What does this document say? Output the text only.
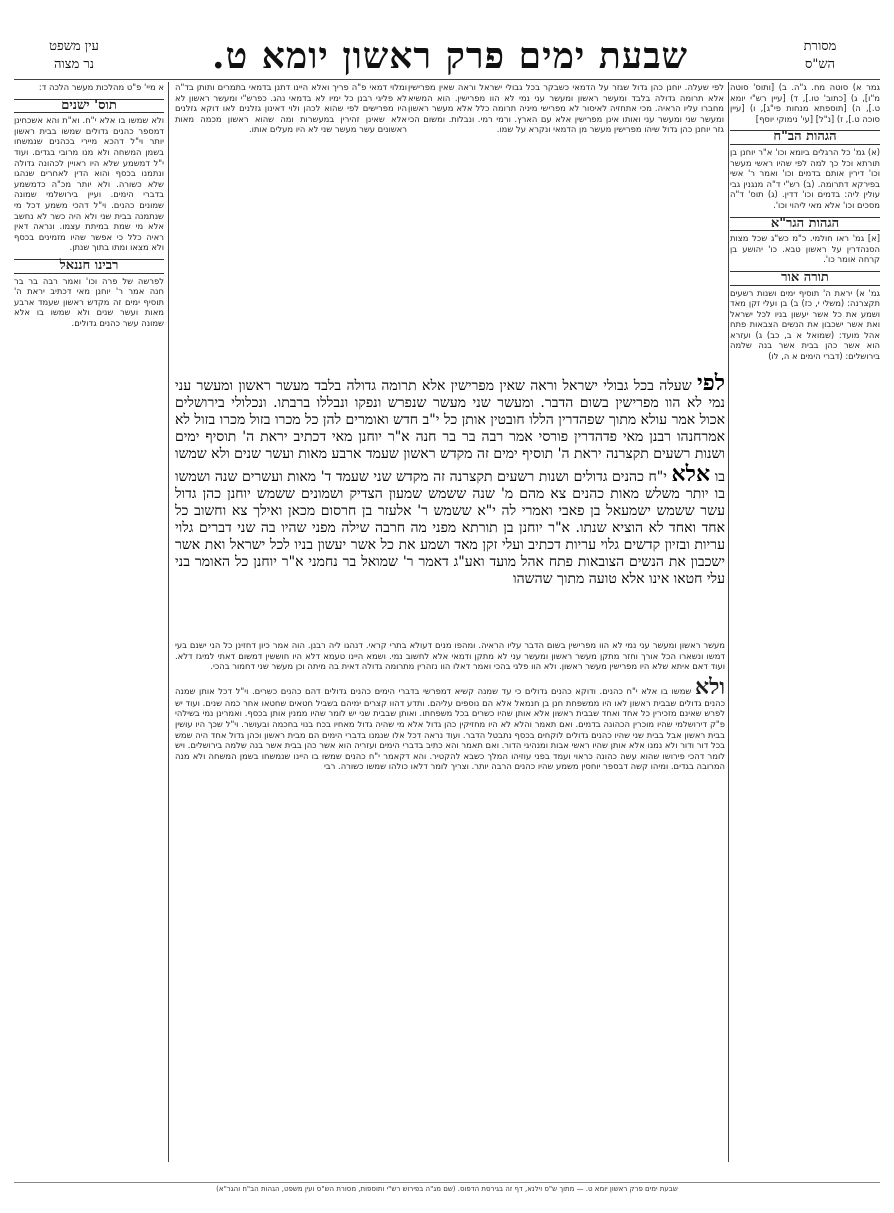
שבעת ימים פרק ראשון יומא ט.	מסורת
הש"ס
עין משפט
נר מצוה
גמר א) סוטה מח. ג"ה. ב) [ותוס' סוטה מ"ו], ג) [כתוב' טו.], ד) [עיין רש"י יומא ט.], ה) [תוספתא מנחות פי"ג], ו) [עיין סוכה ט.], ז) [נ"ל] [עי' נימוקי יוסף]
הגהות הב"ח
(א) גמ' כל הרגלים ביומא וכו' א"ר יוחנן בן תורתא וכל כך למה לפי שהיו ראשי מעשר וכו' דירין אותם בדמים וכו' ואמר ר' אשי בפירקא דתרומה. (ב) רש"י ד"ה מנגנין גבי עולין ליה: בדמים וכו' דדין. (ג) תוס' ד"ה מסכים וכו' אלא מאי ליהוי וכו'.
הגהות הגר"א
[א] גמ' ראו חולמי. כ"מ כש"ג שכל מצות הסנהדרין על ראשון טבא. כו' יהושע בן קרחה אומר כו'.
תורה אור
גמ' א) יראת ה' תוסיף ימים ושנות רשעים תקצרנה: (משלי י, כז) ב) בן ועלי זקן מאד ושמע את כל אשר יעשון בניו לכל ישראל ואת אשר ישכבון את הנשים הצבאות פתח אהל מועד: (שמואל א ב, כב) ג) ועזרא הוא אשר כהן בבית אשר בנה שלמה בירושלים: (דברי הימים א ה, לו)
א מיי' פ"ט מהלכות מעשר הלכה ד:
תוס' ישנים
ולא שמשו בו אלא י"ח. וא"ת והא אשכחינן דמספר כהנים גדולים שמשו בבית ראשון יותר וי"ל דהכא מיירי בכהנים שנמשחו בשמן המשחה ולא מנו מרובי בגדים. ועוד י"ל דמשמע שלא היו ראויין לכהונה גדולה ונתמנו בכסף והוא הדין לאחרים שנהגו שלא כשורה. ולא יותר מכ"ה כדמשמע בדברי הימים. ועיין בירושלמי שמונה שמונים כהנים. וי"ל דהכי משמע דכל מי שנתמנה בבית שני ולא היה כשר לא נחשב אלא מי שמת במיתת עצמו. ונראה דאין ראיה כלל כי אפשר שהיו מזמינים בכסף ולא מצאו ומתו בתוך שנתן.
רבינו חננאל
לפרשה של פרה וכו' ואמר רבה בר בר חנה אמר ר' יוחנן מאי דכתיב יראת ה' תוסיף ימים זה מקדש ראשון שעמד ארבע מאות ועשר שנים ולא שמשו בו אלא שמונה עשר כהנים גדולים.
לפי שעלה. יוחנן כהן גדול שגזר על הדמאי כשבקר בכל גבולי ישראל וראה שאין מפרישין אלא תרומה גדולה בלבד ומעשר ראשון ומעשר עני נמי לא הוו מפרישין. הוא המשיא מחברו עליו הראיה. מכי אתחזיה לאיסור לא מפרישי מיניה תרומה כלל אלא מעשר ראשון ומעשר שני ומעשר עני ואותו אינן מפרישין אלא עם הארץ. ורמי רמי. ונבלות. ומשום הכי גזר יוחנן כהן גדול שיהו מפרישין מעשר מן הדמאי ונקרא על שמו.
ומלוי דמאי פ"ה פריך ואלא היינו דתנן בדמאי בתמרים ותותן בד"ה לא פליגי רבנן כל ימיו לא בדמאי נהג. כפרש"י ומעשר ראשון לא היו מפרישים לפי שהוא לכהן ולוי דאינון גזלנים לאו דוקא גזלנים אלא שאינן זהירין במעשרות ומה שהוא ראשון מכמה מאות ראשונים עשר מעשר שני לא היו מעלים אותו.
לפי שעלה בכל גבולי ישראל וראה שאין מפרישין אלא תרומה גדולה בלבד מעשר ראשון ומעשר עני נמי לא הוו מפרישין בשום הדבר. ומעשר שני מעשר שנפרש ונפקו ונבללו ברבתו. ונכלולי בירושלים אכול אמר עולא מתוך שפהדרין הללו חובטין אותן כל י"ב חדש ואומרים להן כל מכרו בזול מכרו בזול לא אמרחנהו רבנן מאי פדהדרין פורסי אמר רבה בר בר חנה א"ר יוחנן מאי דכתיב יראת ה' תוסיף ימים ושנות רשעים תקצרנה יראת ה' תוסיף ימים זה מקדש ראשון שעמד ארבע מאות ועשר שנים ולא שמשו בו אלא י"ח כהנים גדולים ושנות רשעים תקצרנה זה מקדש שני שעמד ד' מאות ועשרים שנה ושמשו בו יותר משלש מאות כהנים צא מהם מ' שנה ששמש שמעון הצדיק ושמונים ששמש יוחנן כהן גדול עשר ששמש ישמעאל בן פאבי ואמרי לה י"א ששמש ר' אלעזר בן חרסום מכאן ואילך צא וחשוב כל אחד ואחד לא הוציא שנתו. א"ר יוחנן בן תורתא מפני מה חרבה שילה מפני שהיו בה שני דברים גלוי עריות ובזיון קדשים גלוי עריות דכתיב ועלי זקן מאד ושמע את כל אשר יעשון בניו לכל ישראל ואת אשר ישכבון את הנשים הצובאות פתח אהל מועד ואע"ג דאמר ר' שמואל בר נחמני א"ר יוחנן כל האומר בני עלי חטאו אינו אלא טועה מתוך שהשהו
מעשר ראשון ומעשר עני נמי לא הוו מפרישין בשום הדבר עליו הראיה. ומהפו מנים דעולא בתרי קראי. דנהגו ליה רבנן. הוה אמר כיון דחזינן כל הני ישנם בעי דמשו ונשארו הכל אורך וחזר מתקן מעשר ראשון ומעשר עני לא מתקן ודמאי אלא לחשוב נמי. ושמא היינו טעמא דלא היו חוששין דמשום דאתי למיגז דלא. ועוד דאם איתא שלא היו מפרישין מעשר ראשון. ולא הוו פלגי בהכי ואמר דאלו הוו נזהרין מתרומה גדולה דאית בה מיתה וכן מעשר שני דחמור בהכי.
ולא שמשו בו אלא י"ח כהנים. ודוקא כהנים גדולים כי עד שמנה קשיא דמפרשי בדברי הימים כהנים גדולים דהם כהנים כשרים. וי"ל דכל אותן שמנה כהנים גדולים שבבית ראשון לאו היו ממשפחת חנן בן חנמאל אלא הם נוספים עליהם. ותדע דהוו קצרים ימיהם בשביל חטאים שחטאו אחר כמה שנים. ועוד יש לפרש שאינם מזכירין כל אחד ואחד שבבית ראשון אלא אותן שהיו כשרים בכל משפחתו. ואותן שבבית שני יש לומר שהיו ממנין אותן בכסף. ואמרינן נמי בשילהי פ"ק דירושלמי שהיו מוכרין הכהונה בדמים. ואם תאמר והלא לא היו מחזיקין כהן גדול אלא מי שהיה גדול מאחיו בכח בנוי בחכמה ובעושר. וי"ל שכך היו עושין בבית ראשון אבל בבית שני שהיו כהנים גדולים לוקחים בכסף נתבטל הדבר. ועוד נראה דכל אלו שנמנו בדברי הימים הם מבית ראשון וכהן גדול אחד היה שמש בכל דור ודור ולא נמנו אלא אותן שהיו ראשי אבות ומנהיגי הדור. ואם תאמר והא כתיב בדברי הימים ועזריה הוא אשר כהן בבית אשר בנה שלמה בירושלים. ויש לומר דהכי פירושו שהוא עשה כהונה כראוי ועמד בפני עוזיהו המלך כשבא להקטיר. והא דקאמר י"ח כהנים שמשו בו היינו שנמשחו בשמן המשחה ולא מנה המרובה בגדים. ומיהו קשה דבספר יוחסין משמע שהיו כהנים הרבה יותר. וצריך לומר דלאו כולהו שמשו כשורה. רבי
שבעת ימים פרק ראשון יומא ט. — מתוך ש"ס וילנא, דף זה בגירסת הדפוס. (שם מג"ה בפירוש רש"י ותוספות, מסורת הש"ס ועין משפט, הגהות הב"ח והגר"א)
